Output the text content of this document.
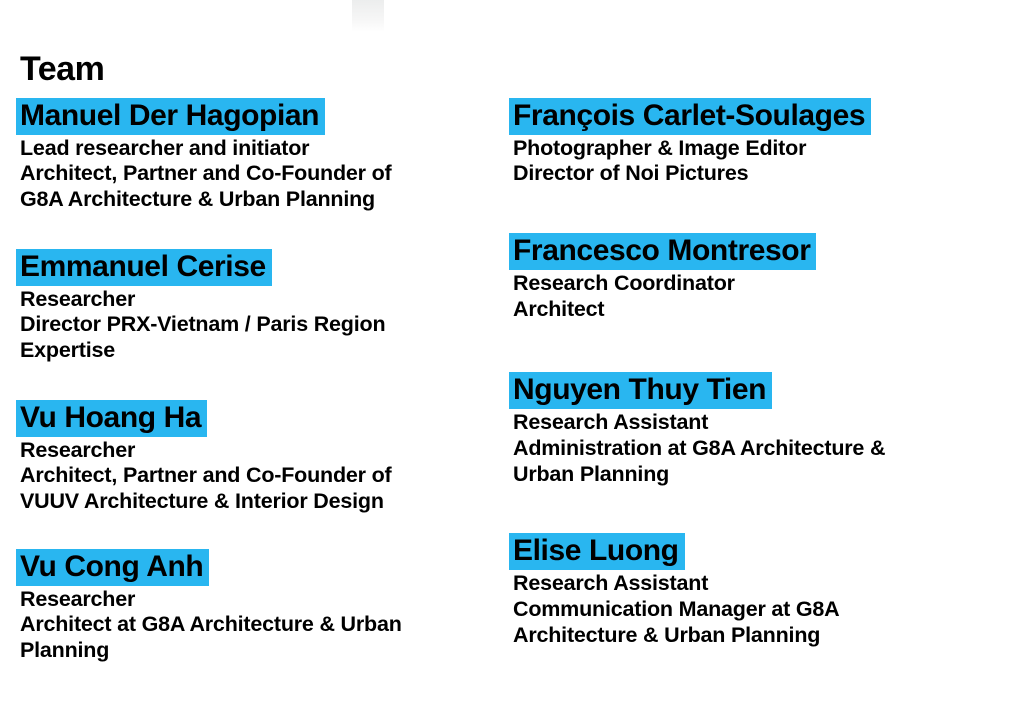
Team
Manuel Der Hagopian
Lead researcher and initiator
Architect, Partner and Co-Founder of
G8A Architecture & Urban Planning
Emmanuel Cerise
Researcher
Director PRX-Vietnam / Paris Region
Expertise
Vu Hoang Ha
Researcher
Architect, Partner and Co-Founder of
VUUV Architecture & Interior Design
Vu Cong Anh
Researcher
Architect at G8A Architecture & Urban
Planning
François Carlet-Soulages
Photographer & Image Editor
Director of Noi Pictures
Francesco Montresor
Research Coordinator
Architect
Nguyen Thuy Tien
Research Assistant
Administration at G8A Architecture &
Urban Planning
Elise Luong
Research Assistant
Communication Manager at G8A
Architecture & Urban Planning
